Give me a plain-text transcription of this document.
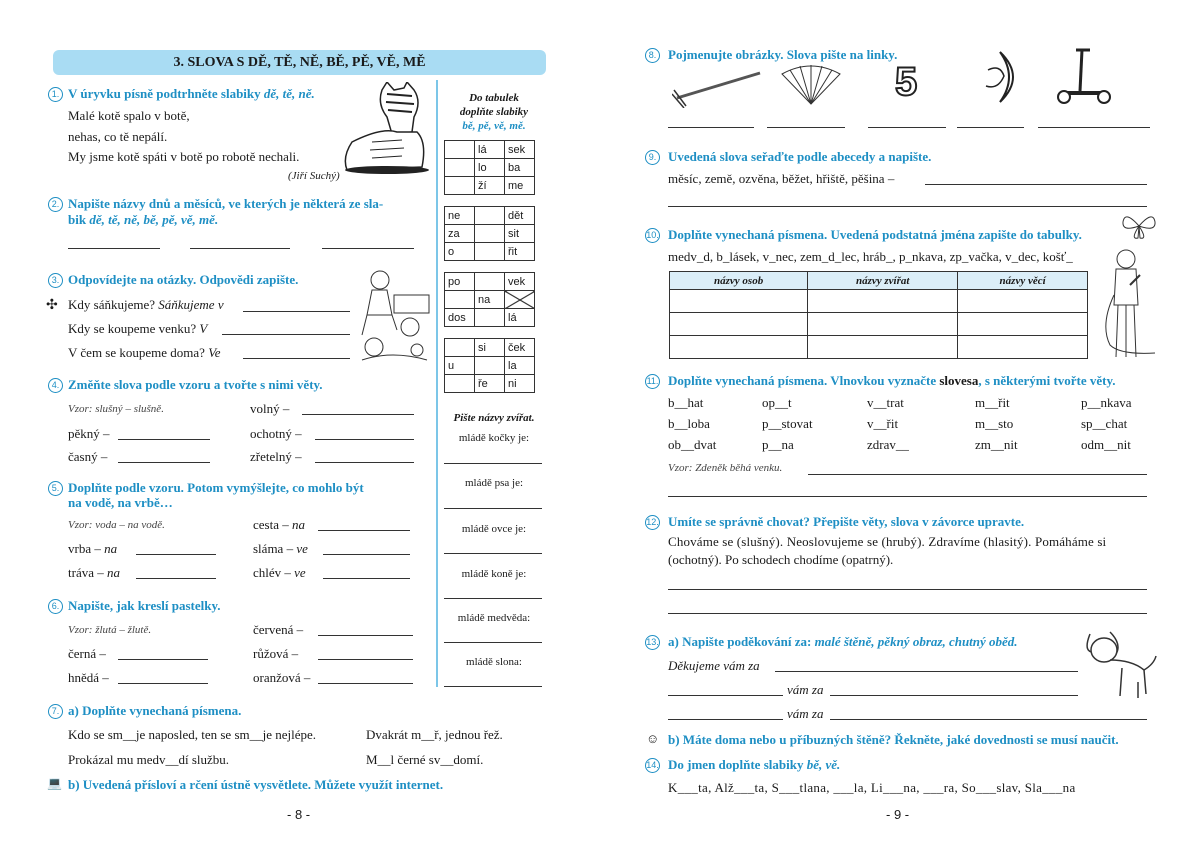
3. SLOVA S DĚ, TĚ, NĚ, BĚ, PĚ, VĚ, MĚ
1. V úryvku písně podtrhněte slabiky dě, tě, ně.
Malé kotě spalo v botě,
nehas, co tě nepálí.
My jsme kotě spáti v botě po robotě nechali.
(Jiří Suchý)
2. Napište názvy dnů a měsíců, ve kterých je některá ze sla-
bik dě, tě, ně, bě, pě, vě, mě.
3. Odpovídejte na otázky. Odpovědi zapište.
✣ Kdy sáňkujeme? Sáňkujeme v
Kdy se koupeme venku? V
V čem se koupeme doma? Ve
4. Změňte slova podle vzoru a tvořte s nimi věty.
Vzor: slušný – slušně.	volný –
pěkný –	ochotný –
časný –	zřetelný –
5. Doplňte podle vzoru. Potom vymýšlejte, co mohlo být
na vodě, na vrbě…
Vzor: voda – na vodě.	cesta – na
vrba – na	sláma – ve
tráva – na	chlév – ve
6. Napište, jak kreslí pastelky.
Vzor: žlutá – žlutě.	červená –
černá –	růžová –
hnědá –	oranžová –
7. a) Doplňte vynechaná písmena.
Kdo se sm__je naposled, ten se sm__je nejlépe.	Dvakrát m__ř, jednou řež.
Prokázal mu medv__dí službu.	M__l černé sv__domí.
💻 b) Uvedená přísloví a rčení ústně vysvětlete. Můžete využít internet.
Do tabulek
doplňte slabiky
bě, pě, vě, mě.
	lá	sek
	lo	ba
	ží	me
ne		dět
za		sit
o		řit
po		vek
	na	
dos		lá
	si	ček
u		la
	ře	ni
Pište názvy zvířat.
mládě kočky je:
mládě psa je:
mládě ovce je:
mládě koně je:
mládě medvěda:
mládě slona:
- 8 -
8. Pojmenujte obrázky. Slova pište na linky.
5
9. Uvedená slova seřaďte podle abecedy a napište.
měsíc, země, ozvěna, běžet, hřiště, pěšina –
10. Doplňte vynechaná písmena. Uvedená podstatná jména zapište do tabulky.
medv_d, b_lásek, v_nec, zem_d_lec, hráb_, p_nkava, zp_vačka, v_dec, košť_
názvy osob	názvy zvířat	názvy věcí

11. Doplňte vynechaná písmena. Vlnovkou vyznačte slovesa, s některými tvořte věty.
b__hat	op__t	v__trat	m__řit	p__nkava
b__loba	p__stovat	v__řit	m__sto	sp__chat
ob__dvat	p__na	zdrav__	zm__nit	odm__nit
Vzor: Zdeněk běhá venku.
12. Umíte se správně chovat? Přepište věty, slova v závorce upravte.
Chováme se (slušný). Neoslovujeme se (hrubý). Zdravíme (hlasitý). Pomáháme si
(ochotný). Po schodech chodíme (opatrný).
13. a) Napište poděkování za: malé štěně, pěkný obraz, chutný oběd.
Děkujeme vám za
vám za
vám za
☺ b) Máte doma nebo u příbuzných štěně? Řekněte, jaké dovednosti se musí naučit.
14. Do jmen doplňte slabiky bě, vě.
K___ta, Alž___ta, S___tlana, ___la, Li___na, ___ra, So___slav, Sla___na
- 9 -
